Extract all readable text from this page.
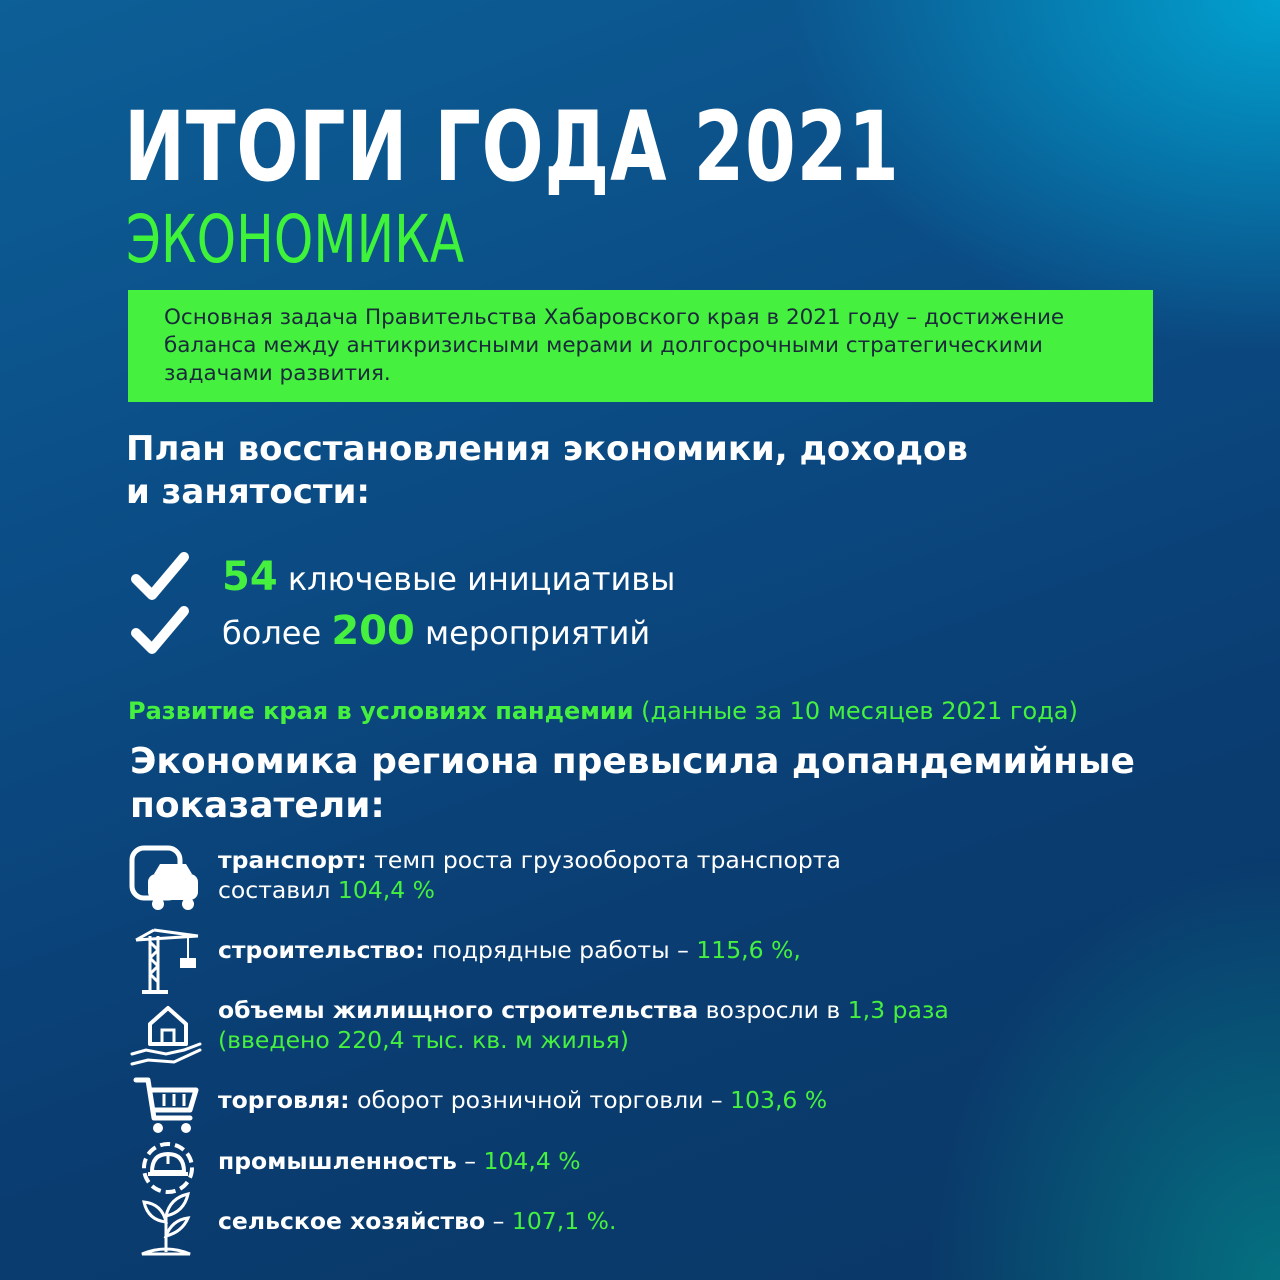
ИТОГИ ГОДА 2021
ЭКОНОМИКА

Основная задача Правительства Хабаровского края в 2021 году – достижение баланса между антикризисными мерами и долгосрочными стратегическими задачами развития.

План восстановления экономики, доходов
и занятости:
54 ключевые инициативы
более 200 мероприятий
Развитие края в условиях пандемии (данные за 10 месяцев 2021 года)
Экономика региона превысила допандемийные
показатели:
транспорт: темп роста грузооборота транспорта
составил 104,4 %
строительство: подрядные работы – 115,6 %,
объемы жилищного строительства возросли в 1,3 раза
(введено 220,4 тыс. кв. м жилья)
торговля: оборот розничной торговли – 103,6 %
промышленность – 104,4 %
сельское хозяйство – 107,1 %.
